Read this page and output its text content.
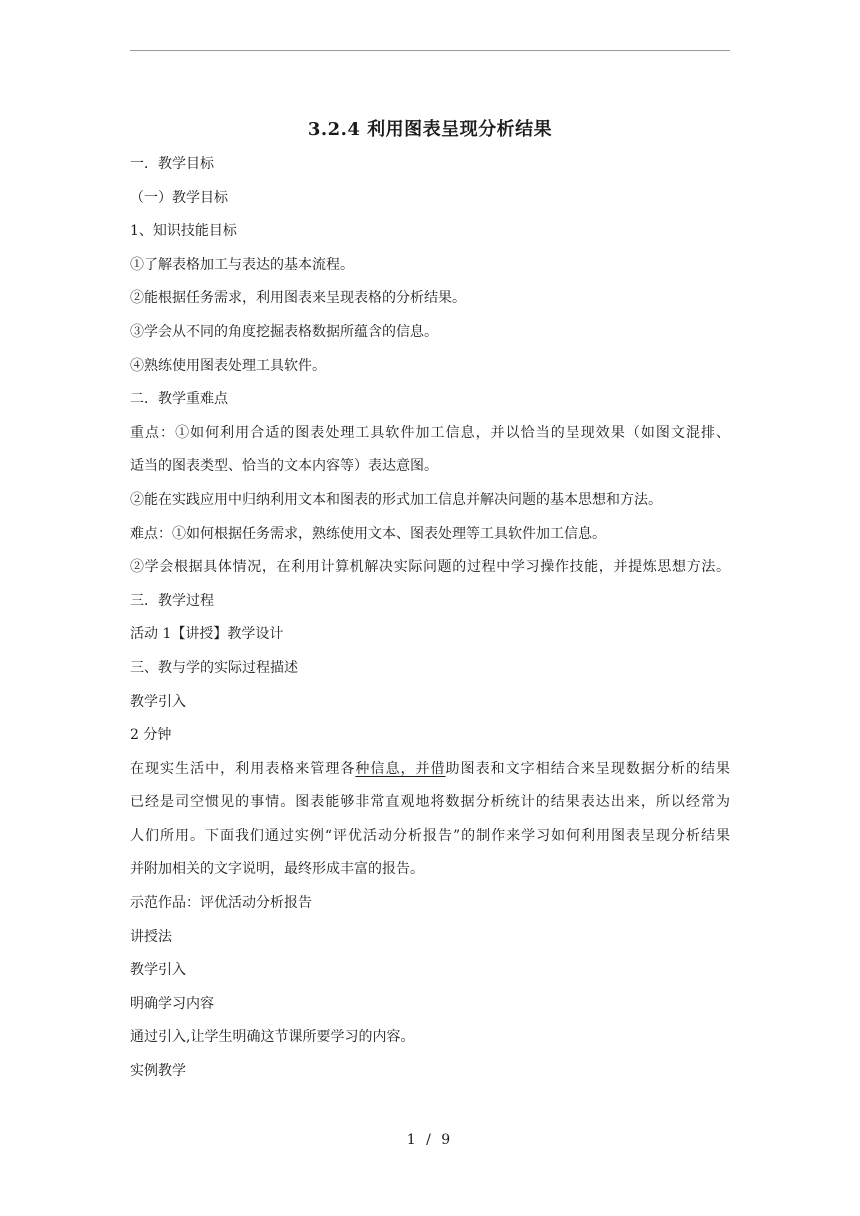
3.2.4 利用图表呈现分析结果
一．教学目标
（一）教学目标
1、知识技能目标
①了解表格加工与表达的基本流程。
②能根据任务需求，利用图表来呈现表格的分析结果。
③学会从不同的角度挖掘表格数据所蕴含的信息。
④熟练使用图表处理工具软件。
二．教学重难点
重点：①如何利用合适的图表处理工具软件加工信息，并以恰当的呈现效果（如图文混排、
适当的图表类型、恰当的文本内容等）表达意图。
②能在实践应用中归纳利用文本和图表的形式加工信息并解决问题的基本思想和方法。
难点：①如何根据任务需求，熟练使用文本、图表处理等工具软件加工信息。
②学会根据具体情况，在利用计算机解决实际问题的过程中学习操作技能，并提炼思想方法。
三．教学过程
活动 1【讲授】教学设计
三、教与学的实际过程描述
教学引入
2 分钟
在现实生活中，利用表格来管理各种信息，并借助图表和文字相结合来呈现数据分析的结果
已经是司空惯见的事情。图表能够非常直观地将数据分析统计的结果表达出来，所以经常为
人们所用。下面我们通过实例“评优活动分析报告”的制作来学习如何利用图表呈现分析结果
并附加相关的文字说明，最终形成丰富的报告。
示范作品：评优活动分析报告
讲授法
教学引入
明确学习内容
通过引入,让学生明确这节课所要学习的内容。
实例教学
1 / 9
